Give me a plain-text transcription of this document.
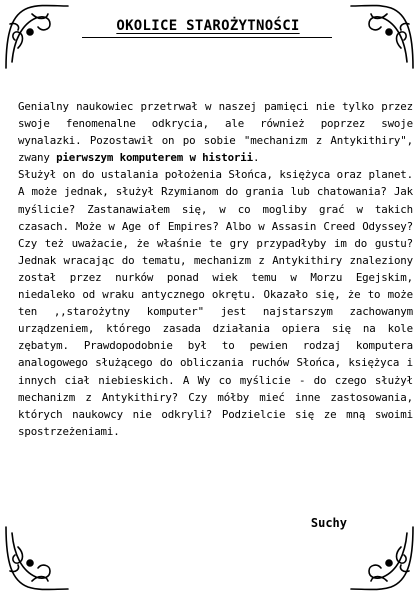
OKOLICE STAROŻYTNOŚCI

Genialny naukowiec przetrwał w naszej pamięci nie tylko przez swoje fenomenalne odkrycia, ale również poprzez swoje wynalazki. Pozostawił on po sobie "mechanizm z Antykithiry", zwany pierwszym komputerem w historii.

Służył on do ustalania położenia Słońca, księżyca oraz planet. A może jednak, służył Rzymianom do grania lub chatowania? Jak myślicie? Zastanawiałem się, w co mogliby grać w takich czasach. Może w Age of Empires? Albo w Assasin Creed Odyssey? Czy też uważacie, że właśnie te gry przypadłyby im do gustu? Jednak wracając do tematu, mechanizm z Antykithiry znaleziony został przez nurków ponad wiek temu w Morzu Egejskim, niedaleko od wraku antycznego okrętu. Okazało się, że to może ten ,,starożytny komputer" jest najstarszym zachowanym urządzeniem, którego zasada działania opiera się na kole zębatym. Prawdopodobnie był to pewien rodzaj komputera analogowego służącego do obliczania ruchów Słońca, księżyca i innych ciał niebieskich. A Wy co myślicie - do czego służył mechanizm z Antykithiry? Czy mółby mieć inne zastosowania, których naukowcy nie odkryli? Podzielcie się ze mną swoimi spostrzeżeniami.

Suchy
